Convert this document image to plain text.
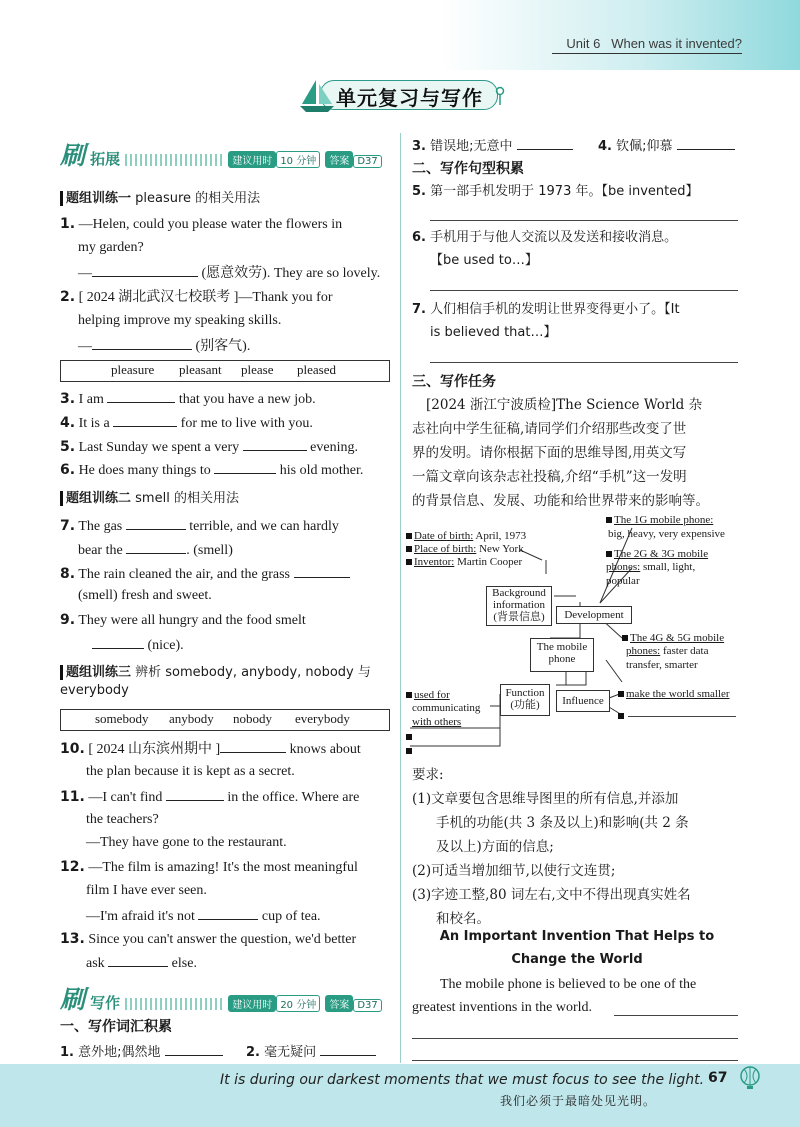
Unit 6 When was it invented?
单元复习与写作
刷 拓展	建议用时 10 分钟 答案 D37
题组训练一 pleasure 的相关用法
1. —Helen, could you please water the flowers in
my garden?
—	(愿意效劳). They are so lovely.
2. [ 2024 湖北武汉七校联考 ]—Thank you for
helping improve my speaking skills.
—	(别客气).
pleasure pleasant please pleased
3. I am	that you have a new job.
4. It is a	for me to live with you.
5. Last Sunday we spent a very	evening.
6. He does many things to	his old mother.
题组训练二 smell 的相关用法
7. The gas	terrible, and we can hardly
bear the	. (smell)
8. The rain cleaned the air, and the grass
(smell) fresh and sweet.
9. They were all hungry and the food smelt
(nice).
题组训练三 辨析 somebody, anybody, nobody 与
everybody
somebody anybody nobody everybody
10. [ 2024 山东滨州期中 ]	knows about
the plan because it is kept as a secret.
11. —I can't find	in the office. Where are
the teachers?
—They have gone to the restaurant.
12. —The film is amazing! It's the most meaningful
film I have ever seen.
—I'm afraid it's not	cup of tea.
13. Since you can't answer the question, we'd better
ask	else.
刷 写作	建议用时 20 分钟 答案 D37
一、写作词汇积累
1. 意外地;偶然地	2. 毫无疑问
3. 错误地;无意中	4. 钦佩;仰慕
二、写作句型积累
5. 第一部手机发明于 1973 年。【be invented】
6. 手机用于与他人交流以及发送和接收消息。
【be used to…】
7. 人们相信手机的发明让世界变得更小了。【It
is believed that…】
三、写作任务
[2024 浙江宁波质检]The Science World 杂
志社向中学生征稿,请同学们介绍那些改变了世
界的发明。请你根据下面的思维导图,用英文写
一篇文章向该杂志社投稿,介绍“手机”这一发明
的背景信息、发展、功能和给世界带来的影响等。
Date of birth: April, 1973
Place of birth: New York
Inventor: Martin Cooper
Background
information
(背景信息)	Development
The mobile
phone
Function
(功能)	Influence
The 1G mobile phone:
big, heavy, very expensive
The 2G & 3G mobile
phones: small, light,
popular
The 4G & 5G mobile
phones: faster data
transfer, smarter
used for
communicating
with others
make the world smaller
要求:
(1)文章要包含思维导图里的所有信息,并添加
手机的功能(共 3 条及以上)和影响(共 2 条
及以上)方面的信息;
(2)可适当增加细节,以使行文连贯;
(3)字迹工整,80 词左右,文中不得出现真实姓名
和校名。
An Important Invention That Helps to
Change the World
The mobile phone is believed to be one of the
greatest inventions in the world.
It is during our darkest moments that we must focus to see the light.
我们必须于最暗处见光明。
67
